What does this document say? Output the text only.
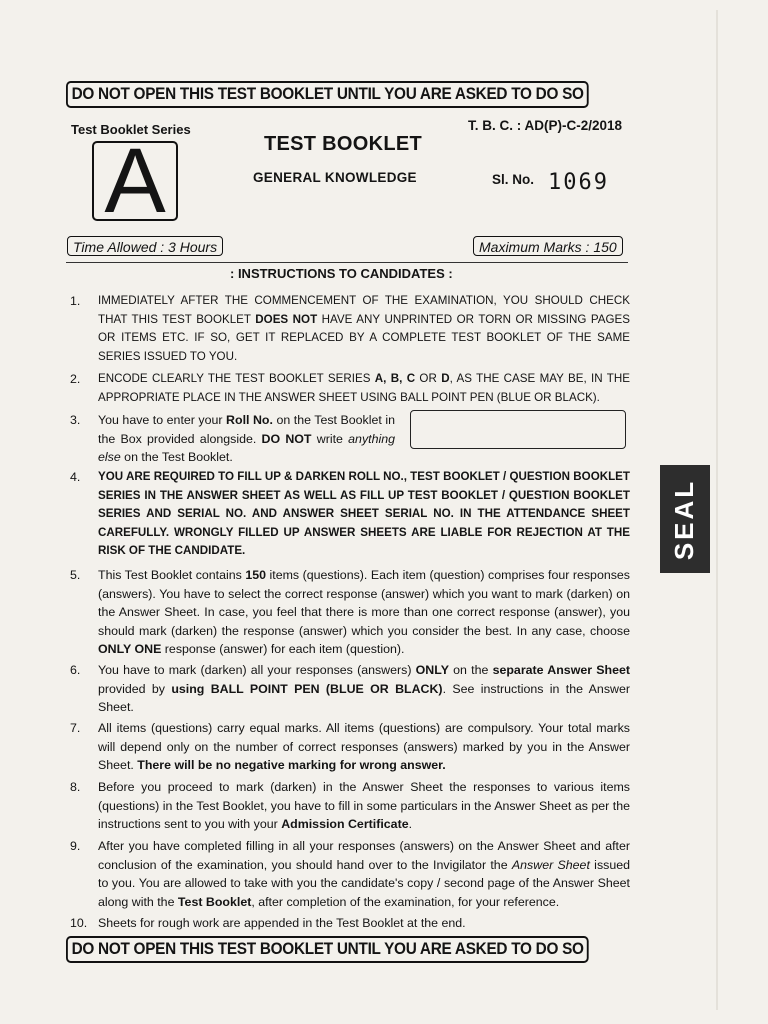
DO NOT OPEN THIS TEST BOOKLET UNTIL YOU ARE ASKED TO DO SO
Test Booklet Series
A
T. B. C. : AD(P)-C-2/2018
TEST BOOKLET
GENERAL KNOWLEDGE	Sl. No. 1069
Time Allowed : 3 Hours	Maximum Marks : 150
: INSTRUCTIONS TO CANDIDATES :
1. IMMEDIATELY AFTER THE COMMENCEMENT OF THE EXAMINATION, YOU SHOULD CHECK THAT THIS TEST BOOKLET DOES NOT HAVE ANY UNPRINTED OR TORN OR MISSING PAGES OR ITEMS ETC. IF SO, GET IT REPLACED BY A COMPLETE TEST BOOKLET OF THE SAME SERIES ISSUED TO YOU.
2. ENCODE CLEARLY THE TEST BOOKLET SERIES A, B, C OR D, AS THE CASE MAY BE, IN THE APPROPRIATE PLACE IN THE ANSWER SHEET USING BALL POINT PEN (BLUE OR BLACK).
3. You have to enter your Roll No. on the Test Booklet in the Box provided alongside. DO NOT write anything else on the Test Booklet.
4. YOU ARE REQUIRED TO FILL UP & DARKEN ROLL NO., TEST BOOKLET / QUESTION BOOKLET SERIES IN THE ANSWER SHEET AS WELL AS FILL UP TEST BOOKLET / QUESTION BOOKLET SERIES AND SERIAL NO. AND ANSWER SHEET SERIAL NO. IN THE ATTENDANCE SHEET CAREFULLY. WRONGLY FILLED UP ANSWER SHEETS ARE LIABLE FOR REJECTION AT THE RISK OF THE CANDIDATE.	SEAL
5. This Test Booklet contains 150 items (questions). Each item (question) comprises four responses (answers). You have to select the correct response (answer) which you want to mark (darken) on the Answer Sheet. In case, you feel that there is more than one correct response (answer), you should mark (darken) the response (answer) which you consider the best. In any case, choose ONLY ONE response (answer) for each item (question).
6. You have to mark (darken) all your responses (answers) ONLY on the separate Answer Sheet provided by using BALL POINT PEN (BLUE OR BLACK). See instructions in the Answer Sheet.
7. All items (questions) carry equal marks. All items (questions) are compulsory. Your total marks will depend only on the number of correct responses (answers) marked by you in the Answer Sheet. There will be no negative marking for wrong answer.
8. Before you proceed to mark (darken) in the Answer Sheet the responses to various items (questions) in the Test Booklet, you have to fill in some particulars in the Answer Sheet as per the instructions sent to you with your Admission Certificate.
9. After you have completed filling in all your responses (answers) on the Answer Sheet and after conclusion of the examination, you should hand over to the Invigilator the Answer Sheet issued to you. You are allowed to take with you the candidate's copy / second page of the Answer Sheet along with the Test Booklet, after completion of the examination, for your reference.
10. Sheets for rough work are appended in the Test Booklet at the end.
DO NOT OPEN THIS TEST BOOKLET UNTIL YOU ARE ASKED TO DO SO
